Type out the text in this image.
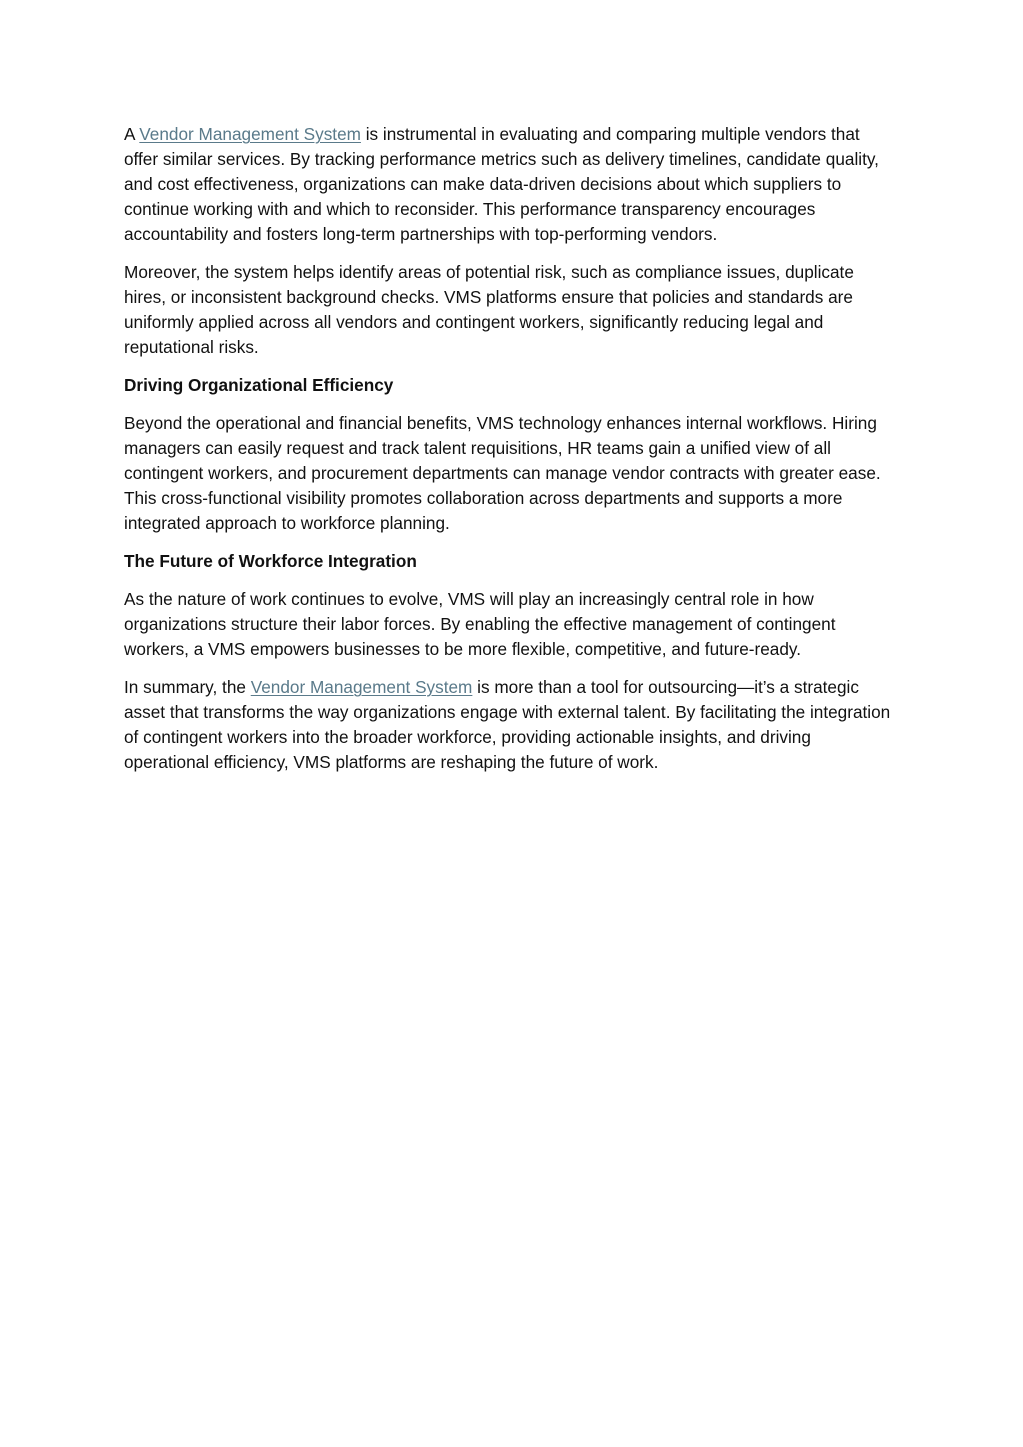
A Vendor Management System is instrumental in evaluating and comparing multiple vendors that offer similar services. By tracking performance metrics such as delivery timelines, candidate quality, and cost effectiveness, organizations can make data-driven decisions about which suppliers to continue working with and which to reconsider. This performance transparency encourages accountability and fosters long-term partnerships with top-performing vendors.

Moreover, the system helps identify areas of potential risk, such as compliance issues, duplicate hires, or inconsistent background checks. VMS platforms ensure that policies and standards are uniformly applied across all vendors and contingent workers, significantly reducing legal and reputational risks.

Driving Organizational Efficiency

Beyond the operational and financial benefits, VMS technology enhances internal workflows. Hiring managers can easily request and track talent requisitions, HR teams gain a unified view of all contingent workers, and procurement departments can manage vendor contracts with greater ease. This cross-functional visibility promotes collaboration across departments and supports a more integrated approach to workforce planning.

The Future of Workforce Integration

As the nature of work continues to evolve, VMS will play an increasingly central role in how organizations structure their labor forces. By enabling the effective management of contingent workers, a VMS empowers businesses to be more flexible, competitive, and future-ready.

In summary, the Vendor Management System is more than a tool for outsourcing—it’s a strategic asset that transforms the way organizations engage with external talent. By facilitating the integration of contingent workers into the broader workforce, providing actionable insights, and driving operational efficiency, VMS platforms are reshaping the future of work.
